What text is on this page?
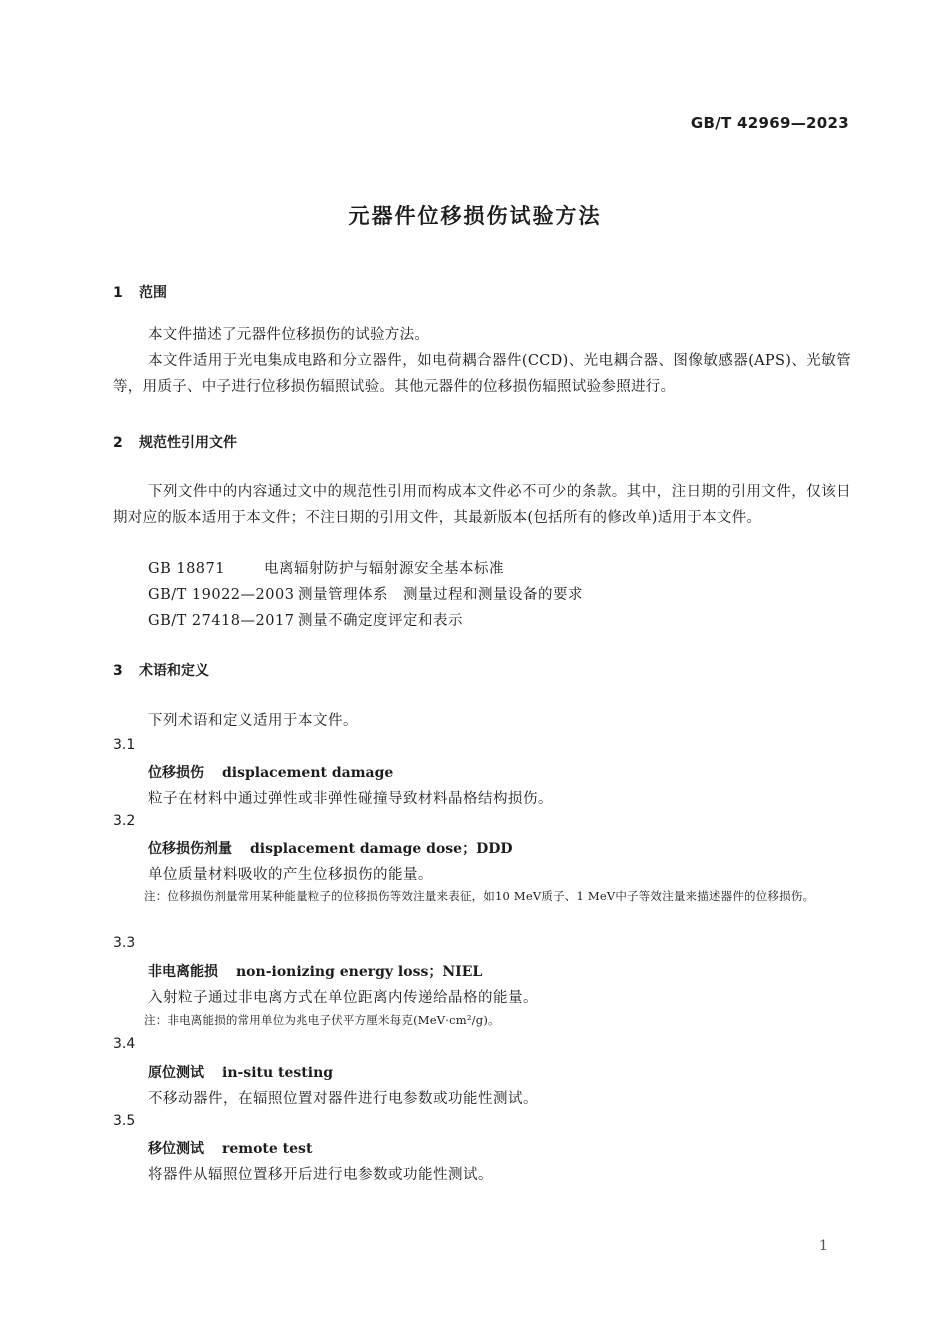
GB/T 42969—2023
元器件位移损伤试验方法
1 范围
本文件描述了元器件位移损伤的试验方法。
本文件适用于光电集成电路和分立器件，如电荷耦合器件(CCD)、光电耦合器、图像敏感器(APS)、光敏管等，用质子、中子进行位移损伤辐照试验。其他元器件的位移损伤辐照试验参照进行。
2 规范性引用文件
下列文件中的内容通过文中的规范性引用而构成本文件必不可少的条款。其中，注日期的引用文件，仅该日期对应的版本适用于本文件；不注日期的引用文件，其最新版本(包括所有的修改单)适用于本文件。
GB 18871	电离辐射防护与辐射源安全基本标准
GB/T 19022—2003 测量管理体系　测量过程和测量设备的要求
GB/T 27418—2017 测量不确定度评定和表示
3 术语和定义
下列术语和定义适用于本文件。
3.1
位移损伤 displacement damage
粒子在材料中通过弹性或非弹性碰撞导致材料晶格结构损伤。
3.2
位移损伤剂量 displacement damage dose；DDD
单位质量材料吸收的产生位移损伤的能量。
注：位移损伤剂量常用某种能量粒子的位移损伤等效注量来表征，如10 MeV质子、1 MeV中子等效注量来描述器件的位移损伤。
3.3
非电离能损 non-ionizing energy loss；NIEL
入射粒子通过非电离方式在单位距离内传递给晶格的能量。
注：非电离能损的常用单位为兆电子伏平方厘米每克(MeV·cm²/g)。
3.4
原位测试 in-situ testing
不移动器件，在辐照位置对器件进行电参数或功能性测试。
3.5
移位测试 remote test
将器件从辐照位置移开后进行电参数或功能性测试。
1
